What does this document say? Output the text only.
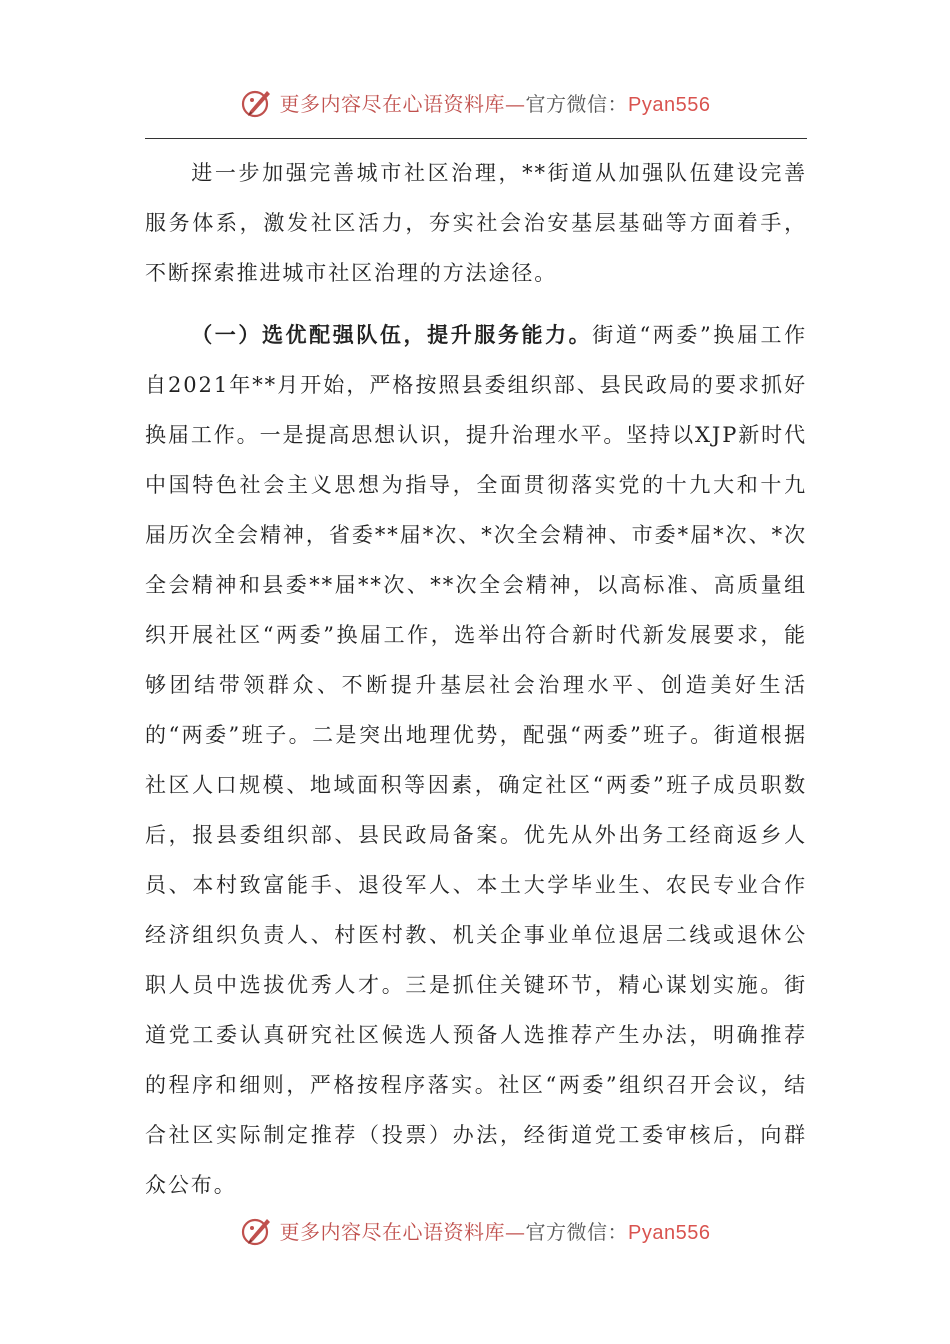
更多内容尽在心语资料库—官方微信：Pyan556

进一步加强完善城市社区治理，**街道从加强队伍建设完善服务体系，激发社区活力，夯实社会治安基层基础等方面着手，不断探索推进城市社区治理的方法途径。

（一）选优配强队伍，提升服务能力。街道“两委”换届工作自2021年**月开始，严格按照县委组织部、县民政局的要求抓好换届工作。一是提高思想认识，提升治理水平。坚持以XJP新时代中国特色社会主义思想为指导，全面贯彻落实党的十九大和十九届历次全会精神，省委**届*次、*次全会精神、市委*届*次、*次全会精神和县委**届**次、**次全会精神，以高标准、高质量组织开展社区“两委”换届工作，选举出符合新时代新发展要求，能够团结带领群众、不断提升基层社会治理水平、创造美好生活的“两委”班子。二是突出地理优势，配强“两委”班子。街道根据社区人口规模、地域面积等因素，确定社区“两委”班子成员职数后，报县委组织部、县民政局备案。优先从外出务工经商返乡人员、本村致富能手、退役军人、本土大学毕业生、农民专业合作经济组织负责人、村医村教、机关企事业单位退居二线或退休公职人员中选拔优秀人才。三是抓住关键环节，精心谋划实施。街道党工委认真研究社区候选人预备人选推荐产生办法，明确推荐的程序和细则，严格按程序落实。社区“两委”组织召开会议，结合社区实际制定推荐（投票）办法，经街道党工委审核后，向群众公布。

更多内容尽在心语资料库—官方微信：Pyan556
